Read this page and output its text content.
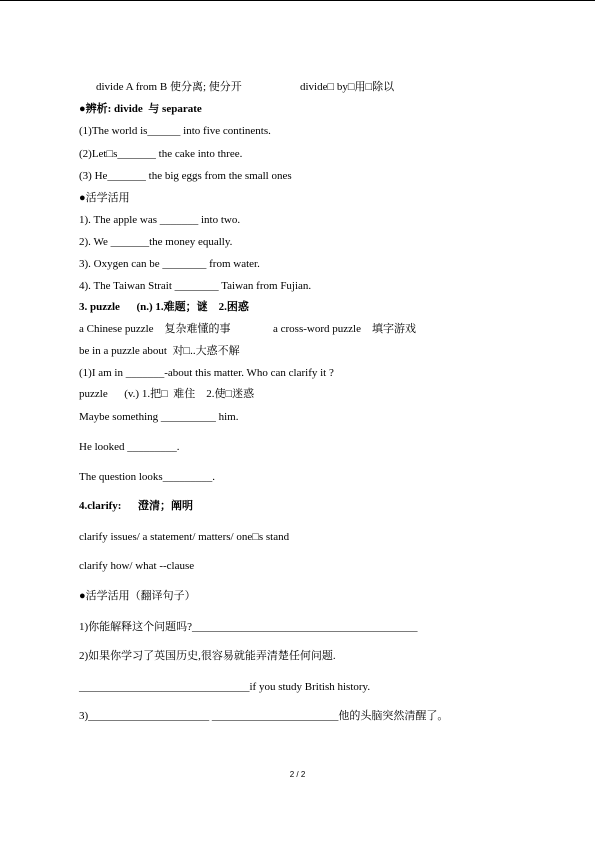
divide A from B 使分离; 使分开	divide□ by□用□除以
●辨析: divide  与 separate
(1)The world is______ into five continents.
(2)Let□s_______ the cake into three.
(3) He_______ the big eggs from the small ones
●活学活用
1). The apple was _______ into two.
2). We _______the money equally.
3). Oxygen can be ________ from water.
4). The Taiwan Strait ________ Taiwan from Fujian.
3. puzzle      (n.) 1.难题；谜    2.困惑
a Chinese puzzle    复杂难懂的事	a cross-word puzzle    填字游戏
be in a puzzle about  对□..大惑不解
(1)I am in _______-about this matter. Who can clarify it ?
puzzle      (v.) 1.把□  难住    2.使□迷惑
Maybe something __________ him.
He looked _________.
The question looks_________.
4.clarify:      澄清；阐明
clarify issues/ a statement/ matters/ one□s stand
clarify how/ what --clause
●活学活用（翻译句子）
1)你能解释这个问题吗?_________________________________________
2)如果你学习了英国历史,很容易就能弄清楚任何问题.
_______________________________if you study British history.
3)______________________ _______________________他的头脑突然清醒了。
2 / 2
